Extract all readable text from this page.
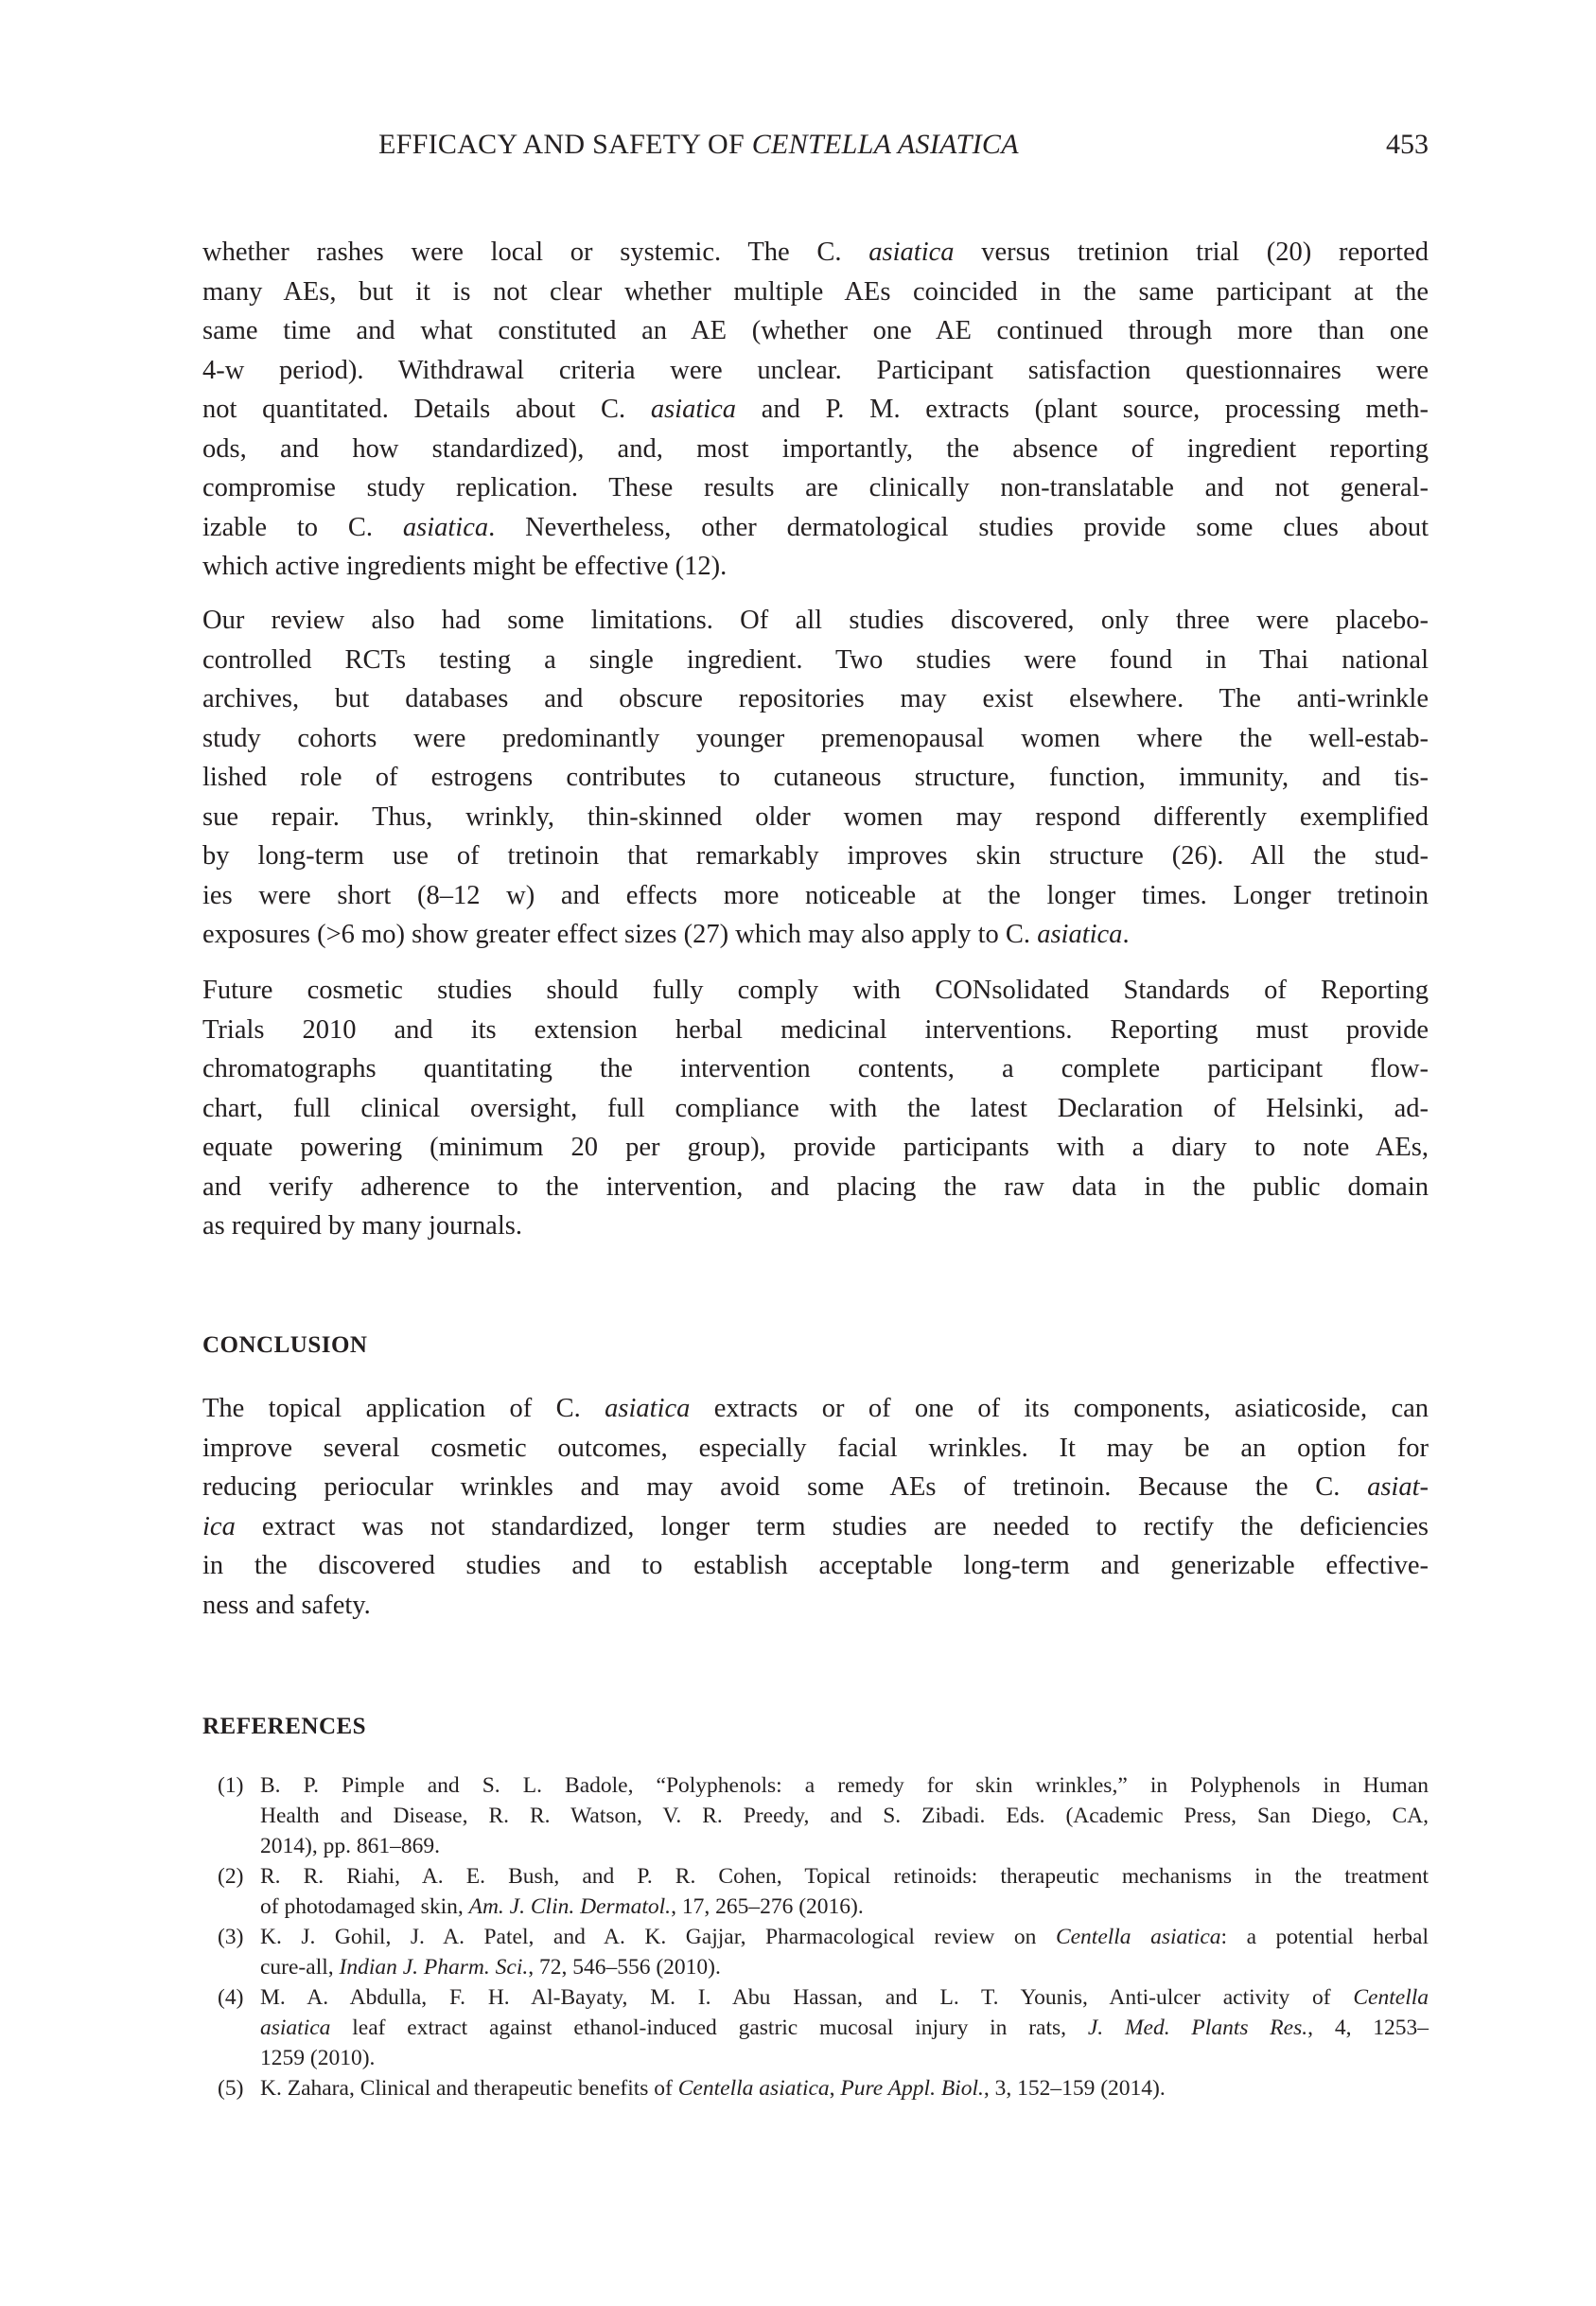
EFFICACY AND SAFETY OF CENTELLA ASIATICA	453
whether rashes were local or systemic. The C. asiatica versus tretinion trial (20) reported
many AEs, but it is not clear whether multiple AEs coincided in the same participant at the
same time and what constituted an AE (whether one AE continued through more than one
4-w period). Withdrawal criteria were unclear. Participant satisfaction questionnaires were
not quantitated. Details about C. asiatica and P. M. extracts (plant source, processing meth-
ods, and how standardized), and, most importantly, the absence of ingredient reporting
compromise study replication. These results are clinically non-translatable and not general-
izable to C. asiatica. Nevertheless, other dermatological studies provide some clues about
which active ingredients might be effective (12).
Our review also had some limitations. Of all studies discovered, only three were placebo-
controlled RCTs testing a single ingredient. Two studies were found in Thai national
archives, but databases and obscure repositories may exist elsewhere. The anti-wrinkle
study cohorts were predominantly younger premenopausal women where the well-estab-
lished role of estrogens contributes to cutaneous structure, function, immunity, and tis-
sue repair. Thus, wrinkly, thin-skinned older women may respond differently exemplified
by long-term use of tretinoin that remarkably improves skin structure (26). All the stud-
ies were short (8–12 w) and effects more noticeable at the longer times. Longer tretinoin
exposures (>6 mo) show greater effect sizes (27) which may also apply to C. asiatica.
Future cosmetic studies should fully comply with CONsolidated Standards of Reporting
Trials 2010 and its extension herbal medicinal interventions. Reporting must provide
chromatographs quantitating the intervention contents, a complete participant flow-
chart, full clinical oversight, full compliance with the latest Declaration of Helsinki, ad-
equate powering (minimum 20 per group), provide participants with a diary to note AEs,
and verify adherence to the intervention, and placing the raw data in the public domain
as required by many journals.
CONCLUSION
The topical application of C. asiatica extracts or of one of its components, asiaticoside, can
improve several cosmetic outcomes, especially facial wrinkles. It may be an option for
reducing periocular wrinkles and may avoid some AEs of tretinoin. Because the C. asiat-
ica extract was not standardized, longer term studies are needed to rectify the deficiencies
in the discovered studies and to establish acceptable long-term and generizable effective-
ness and safety.
REFERENCES
(1) B. P. Pimple and S. L. Badole, “Polyphenols: a remedy for skin wrinkles,” in Polyphenols in Human
Health and Disease, R. R. Watson, V. R. Preedy, and S. Zibadi. Eds. (Academic Press, San Diego, CA,
2014), pp. 861–869.
(2) R. R. Riahi, A. E. Bush, and P. R. Cohen, Topical retinoids: therapeutic mechanisms in the treatment
of photodamaged skin, Am. J. Clin. Dermatol., 17, 265–276 (2016).
(3) K. J. Gohil, J. A. Patel, and A. K. Gajjar, Pharmacological review on Centella asiatica: a potential herbal
cure-all, Indian J. Pharm. Sci., 72, 546–556 (2010).
(4) M. A. Abdulla, F. H. Al-Bayaty, M. I. Abu Hassan, and L. T. Younis, Anti-ulcer activity of Centella
asiatica leaf extract against ethanol-induced gastric mucosal injury in rats, J. Med. Plants Res., 4, 1253–
1259 (2010).
(5) K. Zahara, Clinical and therapeutic benefits of Centella asiatica, Pure Appl. Biol., 3, 152–159 (2014).
